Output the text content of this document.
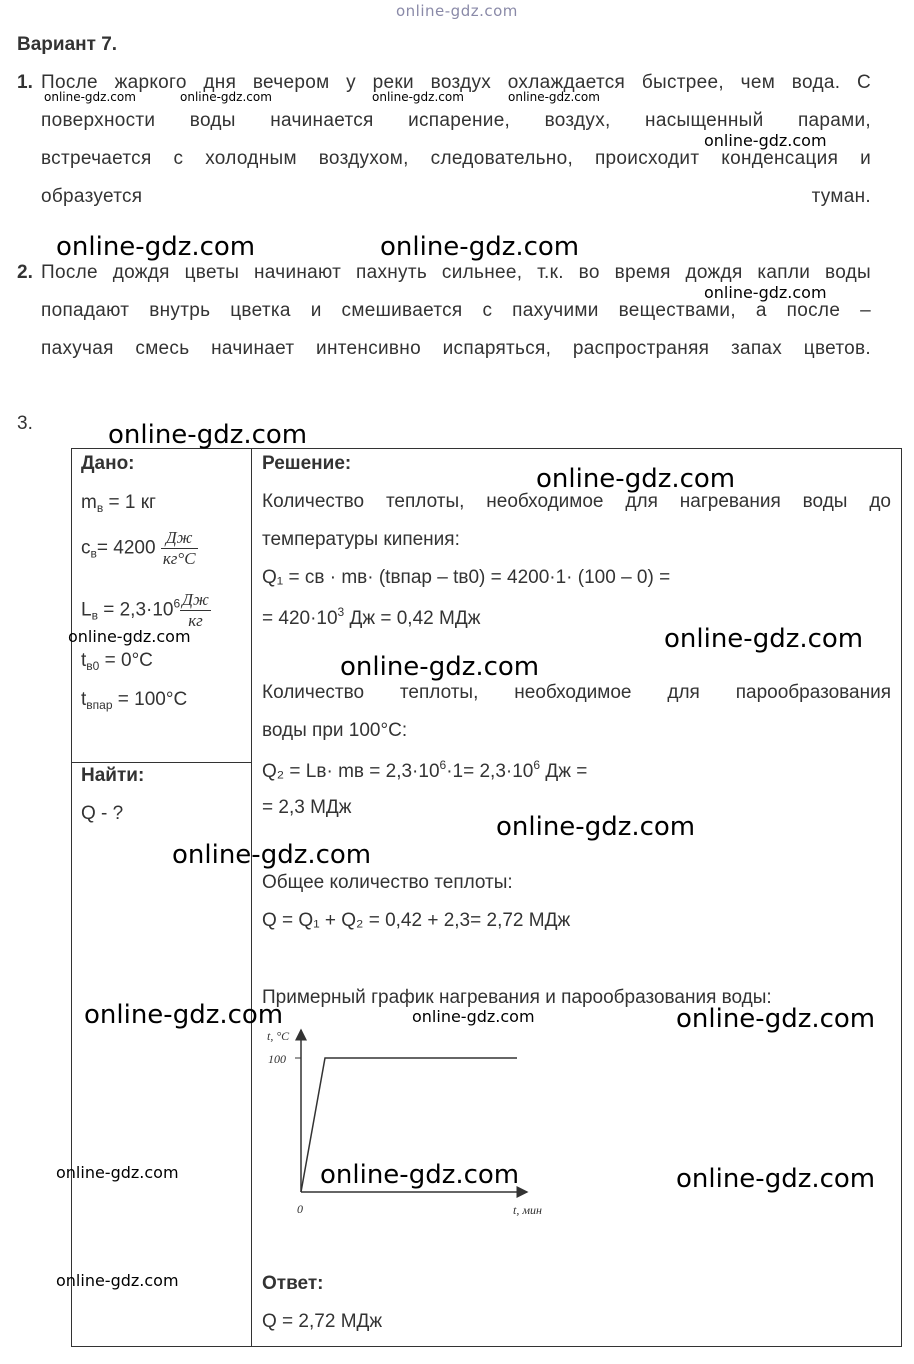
online-gdz.com
Вариант 7.
1. После жаркого дня вечером у реки воздух охлаждается быстрее, чем вода. С
поверхности воды начинается испарение, воздух, насыщенный парами,
встречается с холодным воздухом, следовательно, происходит конденсация и
образуется	туман.
2. После дождя цветы начинают пахнуть сильнее, т.к. во время дождя капли воды
попадают внутрь цветка и смешивается с пахучими веществами, а после –
пахучая смесь начинает интенсивно испаряться, распространяя запах цветов.
3.
Дано:
$m_в = 1$ кг
$c_в= 4200 \frac{Дж}{кг^\circ C}$
$L_в = 2,3\cdot 10^6 \frac{Дж}{кг}$
$t_{в0} = 0^\circ C$
$t_{впар} = 100^\circ C$
Найти:
Q - ?
Решение:
Количество теплоты, необходимое для нагревания воды до
температуры кипения:
Q₁ = cв · mв· (tвпар – tв0) = 4200·1· (100 – 0) =
= $420\cdot 10^3$ Дж = 0,42 МДж
Количество теплоты, необходимое для парообразования
воды при 100°C:
Q₂ = Lв· mв = $2,3\cdot 10^6\cdot 1= 2,3\cdot 10^6$ Дж =
= 2,3 МДж
Общее количество теплоты:
Q = Q₁ + Q₂ = 0,42 + 2,3= 2,72 МДж
Примерный график нагревания и парообразования воды:
t, °C
t, мин
100
0
Ответ:
Q = 2,72 МДж
online-gdz.com	online-gdz.com	online-gdz.com	online-gdz.com
online-gdz.com
online-gdz.com	online-gdz.com
online-gdz.com
online-gdz.com
online-gdz.com
online-gdz.com	online-gdz.com
online-gdz.com
online-gdz.com
online-gdz.com
online-gdz.com	online-gdz.com	online-gdz.com
online-gdz.com	online-gdz.com	online-gdz.com
online-gdz.com
